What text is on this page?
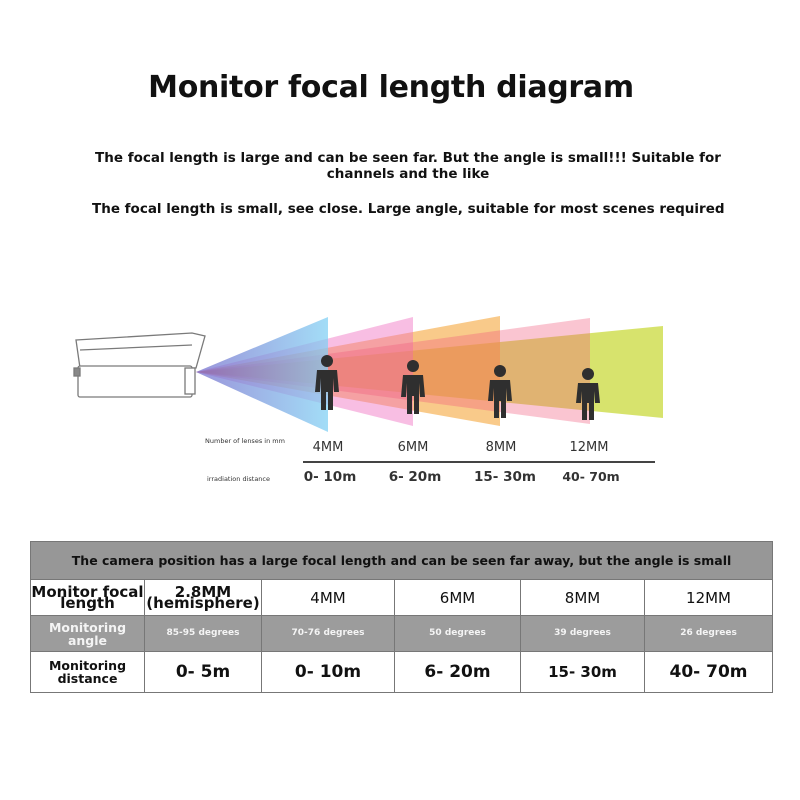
Monitor focal length diagram
The focal length is large and can be seen far. But the angle is small!!! Suitable for channels and the like
The focal length is small, see close. Large angle, suitable for most scenes required
Number of lenses in mm
irradiation distance
4MM	6MM	8MM	12MM
0- 10m 6- 20m 15- 30m 40- 70m
The camera position has a large focal length and can be seen far away, but the angle is small					
Monitor focal length	2.8MM (hemisphere)	4MM	6MM	8MM	12MM
Monitoring angle	85-95 degrees	70-76 degrees	50 degrees	39 degrees	26 degrees
Monitoring distance	0- 5m	0- 10m	6- 20m	15- 30m	40- 70m
